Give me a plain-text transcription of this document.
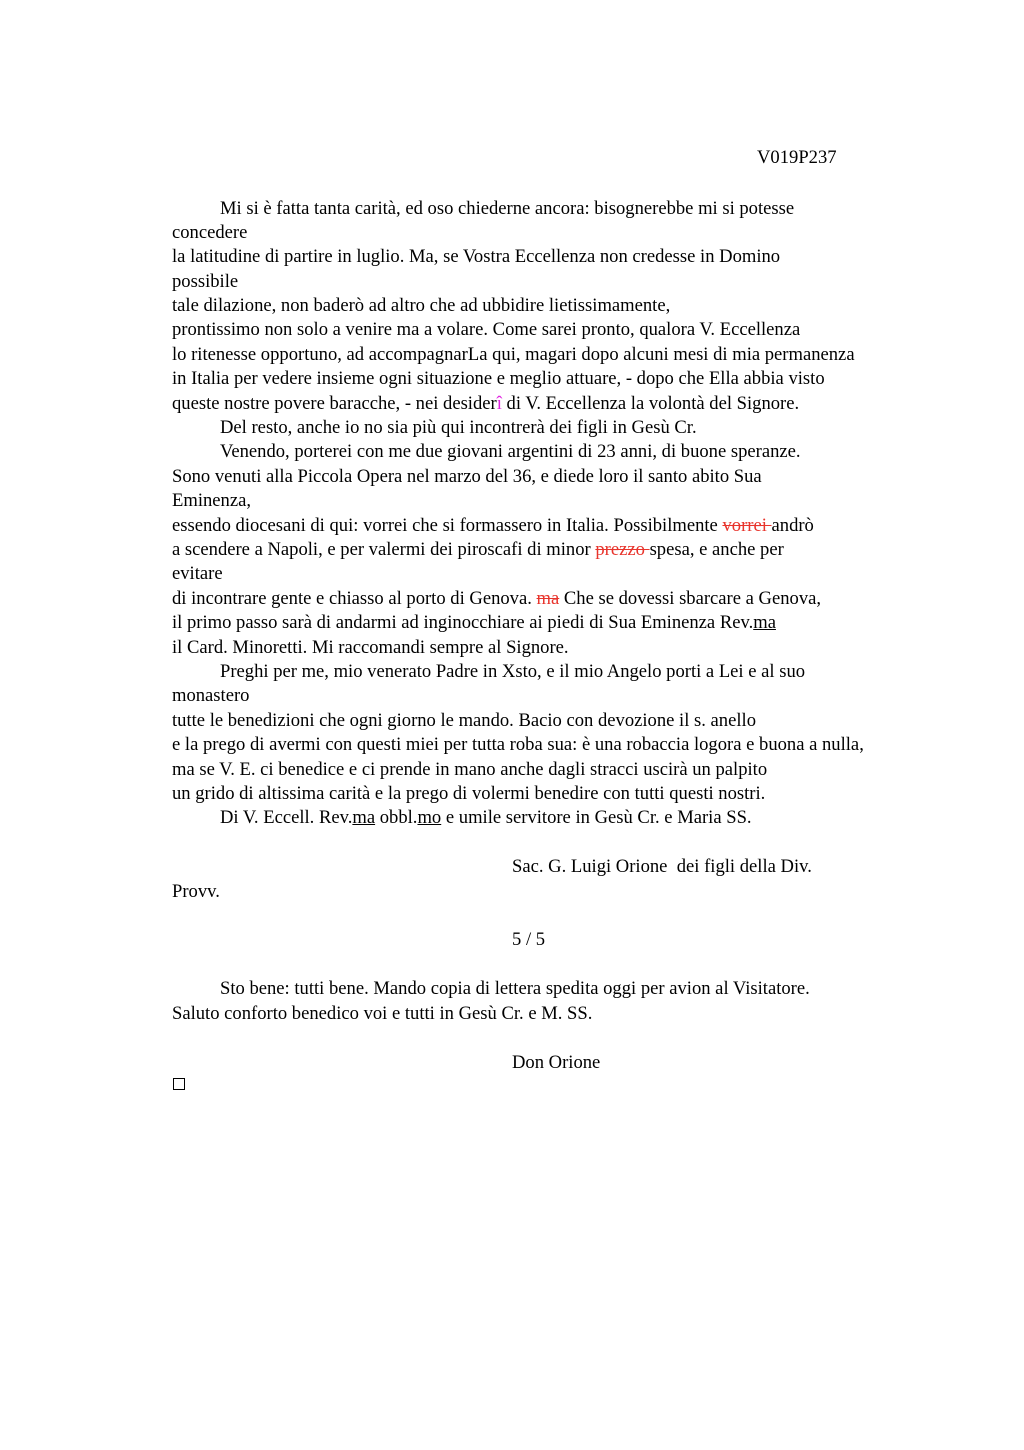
V019P237
Mi si è fatta tanta carità, ed oso chiederne ancora: bisognerebbe mi si potesse
concedere
la latitudine di partire in luglio. Ma, se Vostra Eccellenza non credesse in Domino
possibile
tale dilazione, non baderò ad altro che ad ubbidire lietissimamente,
prontissimo non solo a venire ma a volare. Come sarei pronto, qualora V. Eccellenza
lo ritenesse opportuno, ad accompagnarLa qui, magari dopo alcuni mesi di mia permanenza
in Italia per vedere insieme ogni situazione e meglio attuare, - dopo che Ella abbia visto
queste nostre povere baracche, - nei desiderî di V. Eccellenza la volontà del Signore.
Del resto, anche io no sia più qui incontrerà dei figli in Gesù Cr.
Venendo, porterei con me due giovani argentini di 23 anni, di buone speranze.
Sono venuti alla Piccola Opera nel marzo del 36, e diede loro il santo abito Sua
Eminenza,
essendo diocesani di qui: vorrei che si formassero in Italia. Possibilmente vorrei andrò
a scendere a Napoli, e per valermi dei piroscafi di minor prezzo spesa, e anche per
evitare
di incontrare gente e chiasso al porto di Genova. ma Che se dovessi sbarcare a Genova,
il primo passo sarà di andarmi ad inginocchiare ai piedi di Sua Eminenza Rev.ma
il Card. Minoretti. Mi raccomandi sempre al Signore.
Preghi per me, mio venerato Padre in Xsto, e il mio Angelo porti a Lei e al suo
monastero
tutte le benedizioni che ogni giorno le mando. Bacio con devozione il s. anello
e la prego di avermi con questi miei per tutta roba sua: è una robaccia logora e buona a nulla,
ma se V. E. ci benedice e ci prende in mano anche dagli stracci uscirà un palpito
un grido di altissima carità e la prego di volermi benedire con tutti questi nostri.
Di V. Eccell. Rev.ma obbl.mo e umile servitore in Gesù Cr. e Maria SS.
Sac. G. Luigi Orione  dei figli della Div.
Provv.
5 / 5
Sto bene: tutti bene. Mando copia di lettera spedita oggi per avion al Visitatore.
Saluto conforto benedico voi e tutti in Gesù Cr. e M. SS.
Don Orione
